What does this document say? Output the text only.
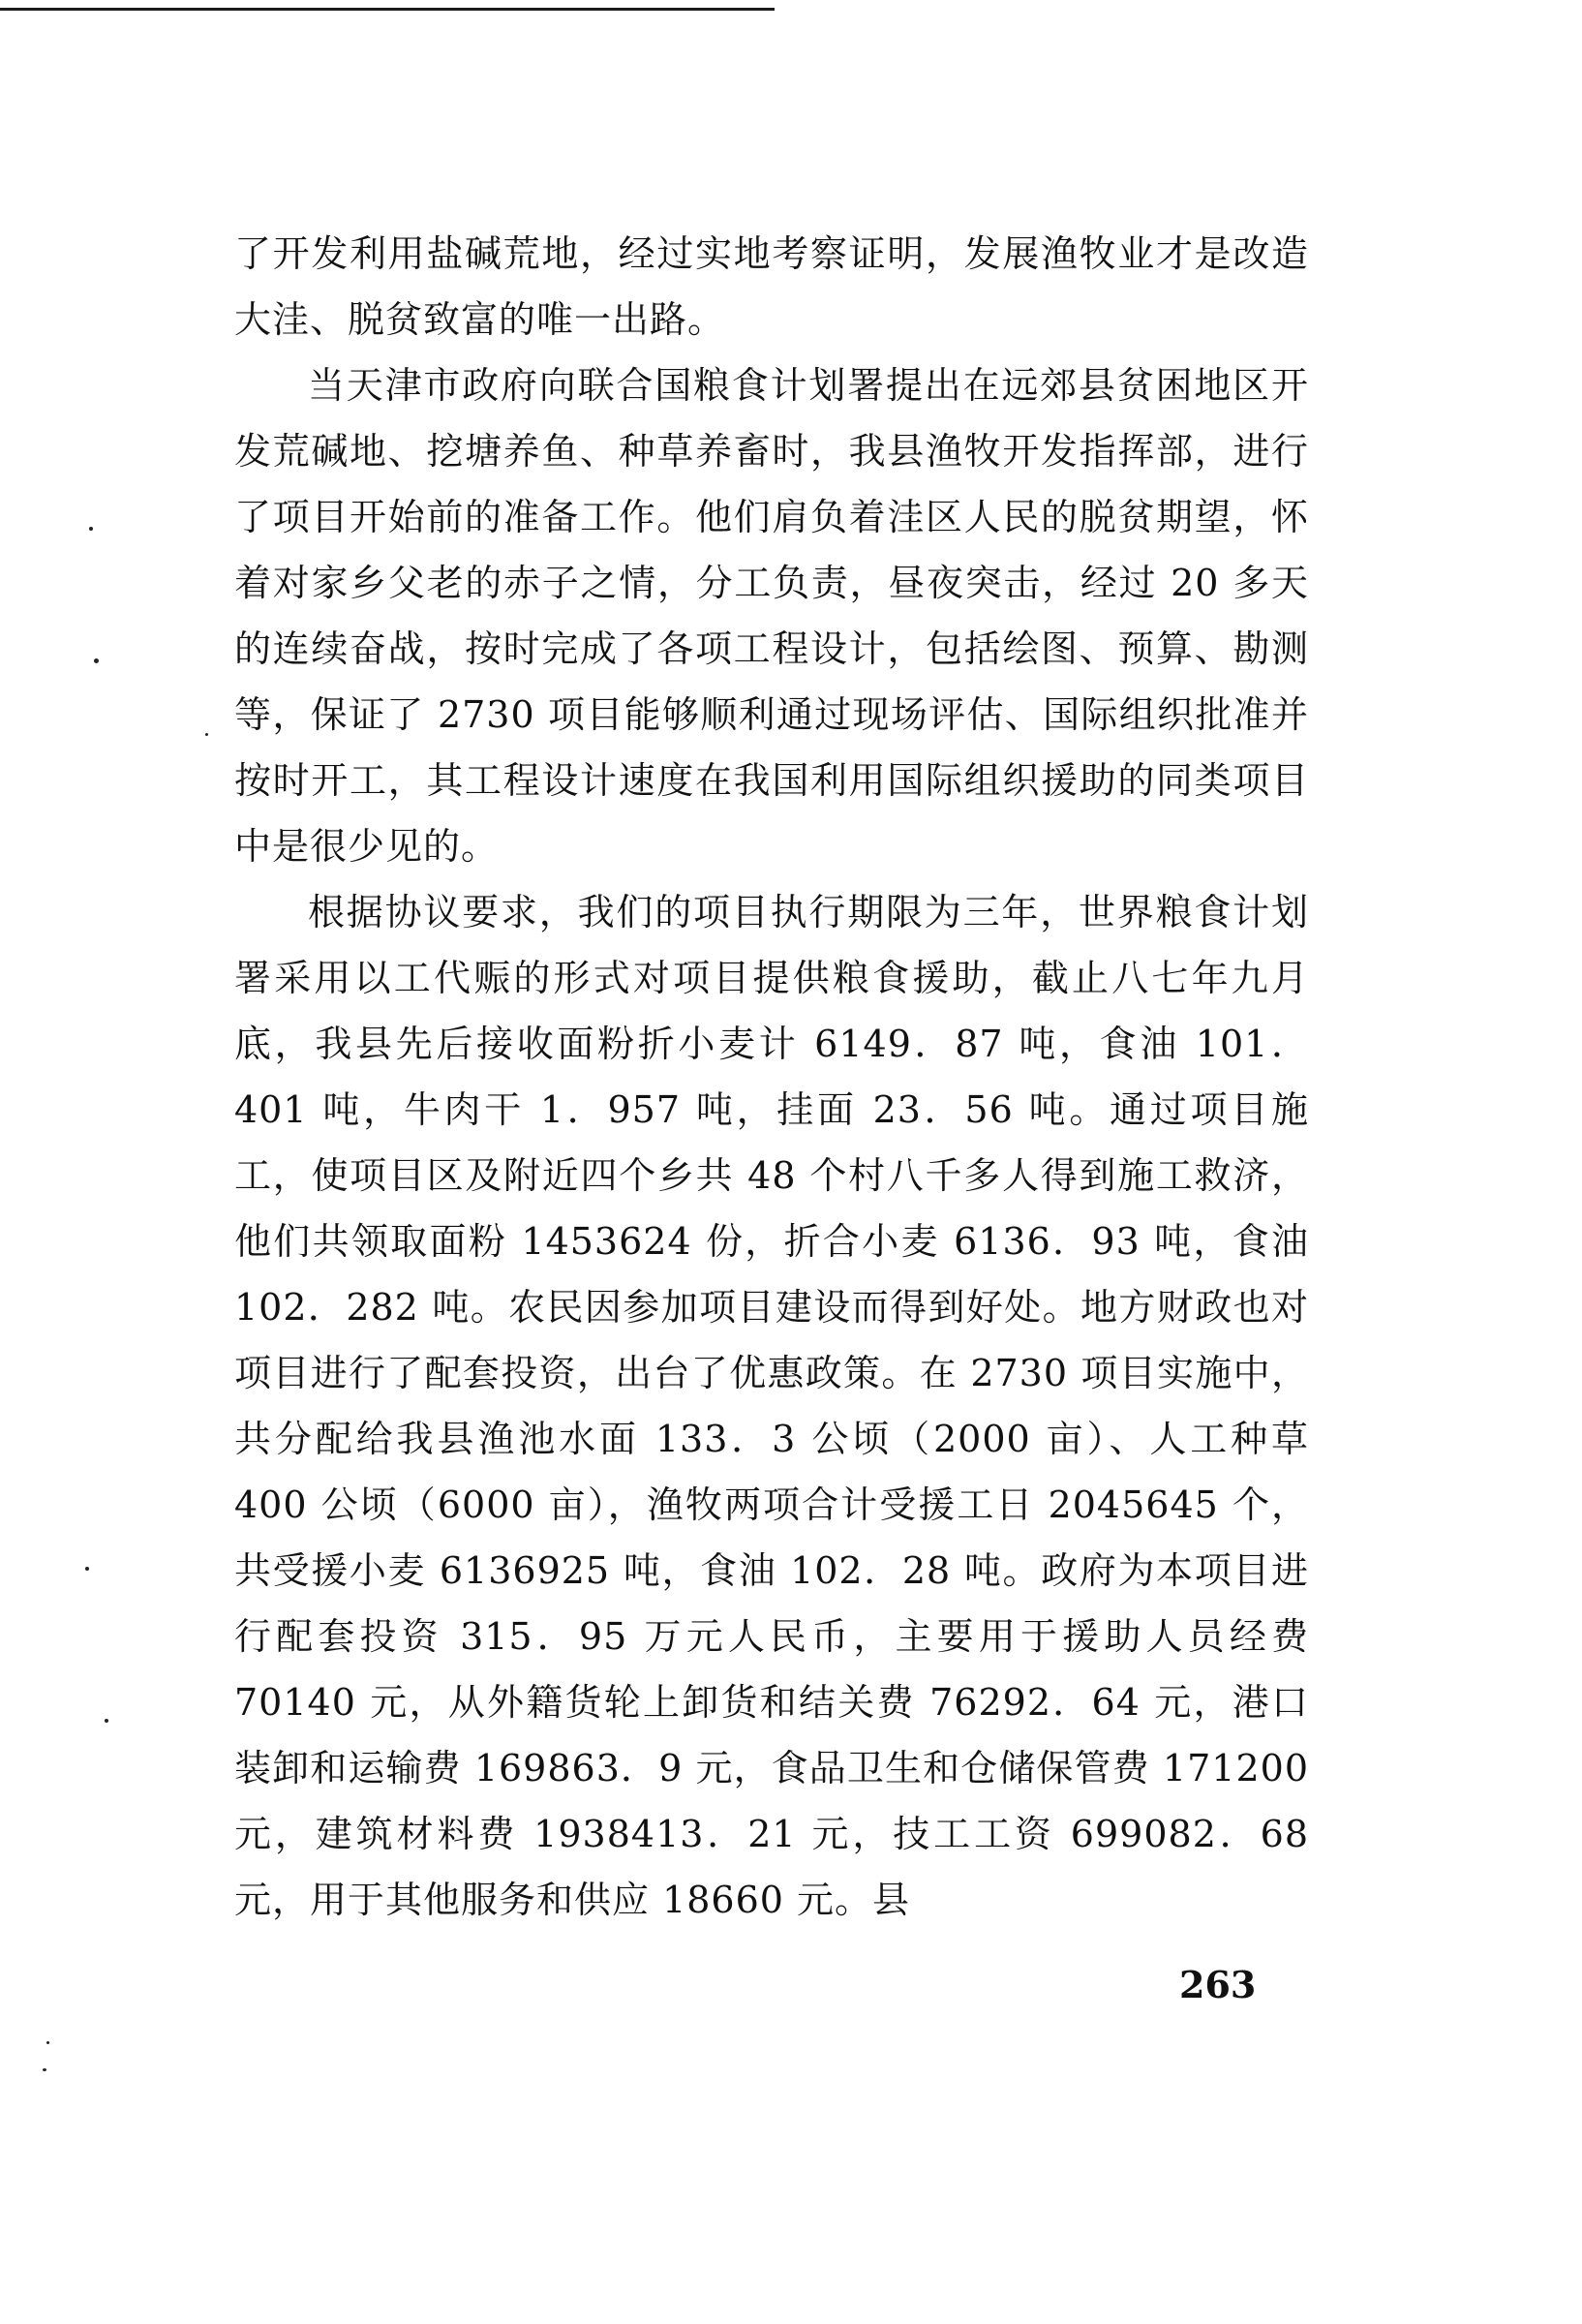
了开发利用盐碱荒地，经过实地考察证明，发展渔牧业才是改造大洼、脱贫致富的唯一出路。

当天津市政府向联合国粮食计划署提出在远郊县贫困地区开发荒碱地、挖塘养鱼、种草养畜时，我县渔牧开发指挥部，进行了项目开始前的准备工作。他们肩负着洼区人民的脱贫期望，怀着对家乡父老的赤子之情，分工负责，昼夜突击，经过 20 多天的连续奋战，按时完成了各项工程设计，包括绘图、预算、勘测等，保证了 2730 项目能够顺利通过现场评估、国际组织批准并按时开工，其工程设计速度在我国利用国际组织援助的同类项目中是很少见的。

根据协议要求，我们的项目执行期限为三年，世界粮食计划署采用以工代赈的形式对项目提供粮食援助，截止八七年九月底，我县先后接收面粉折小麦计 6149．87 吨，食油 101．401 吨，牛肉干 1．957 吨，挂面 23．56 吨。通过项目施工，使项目区及附近四个乡共 48 个村八千多人得到施工救济，他们共领取面粉 1453624 份，折合小麦 6136．93 吨，食油 102．282 吨。农民因参加项目建设而得到好处。地方财政也对项目进行了配套投资，出台了优惠政策。在 2730 项目实施中，共分配给我县渔池水面 133．3 公顷（2000 亩）、人工种草 400 公顷（6000 亩），渔牧两项合计受援工日 2045645 个，共受援小麦 6136925 吨，食油 102．28 吨。政府为本项目进行配套投资 315．95 万元人民币，主要用于援助人员经费 70140 元，从外籍货轮上卸货和结关费 76292．64 元，港口装卸和运输费 169863．9 元，食品卫生和仓储保管费 171200 元，建筑材料费 1938413．21 元，技工工资 699082．68 元，用于其他服务和供应 18660 元。县

263
